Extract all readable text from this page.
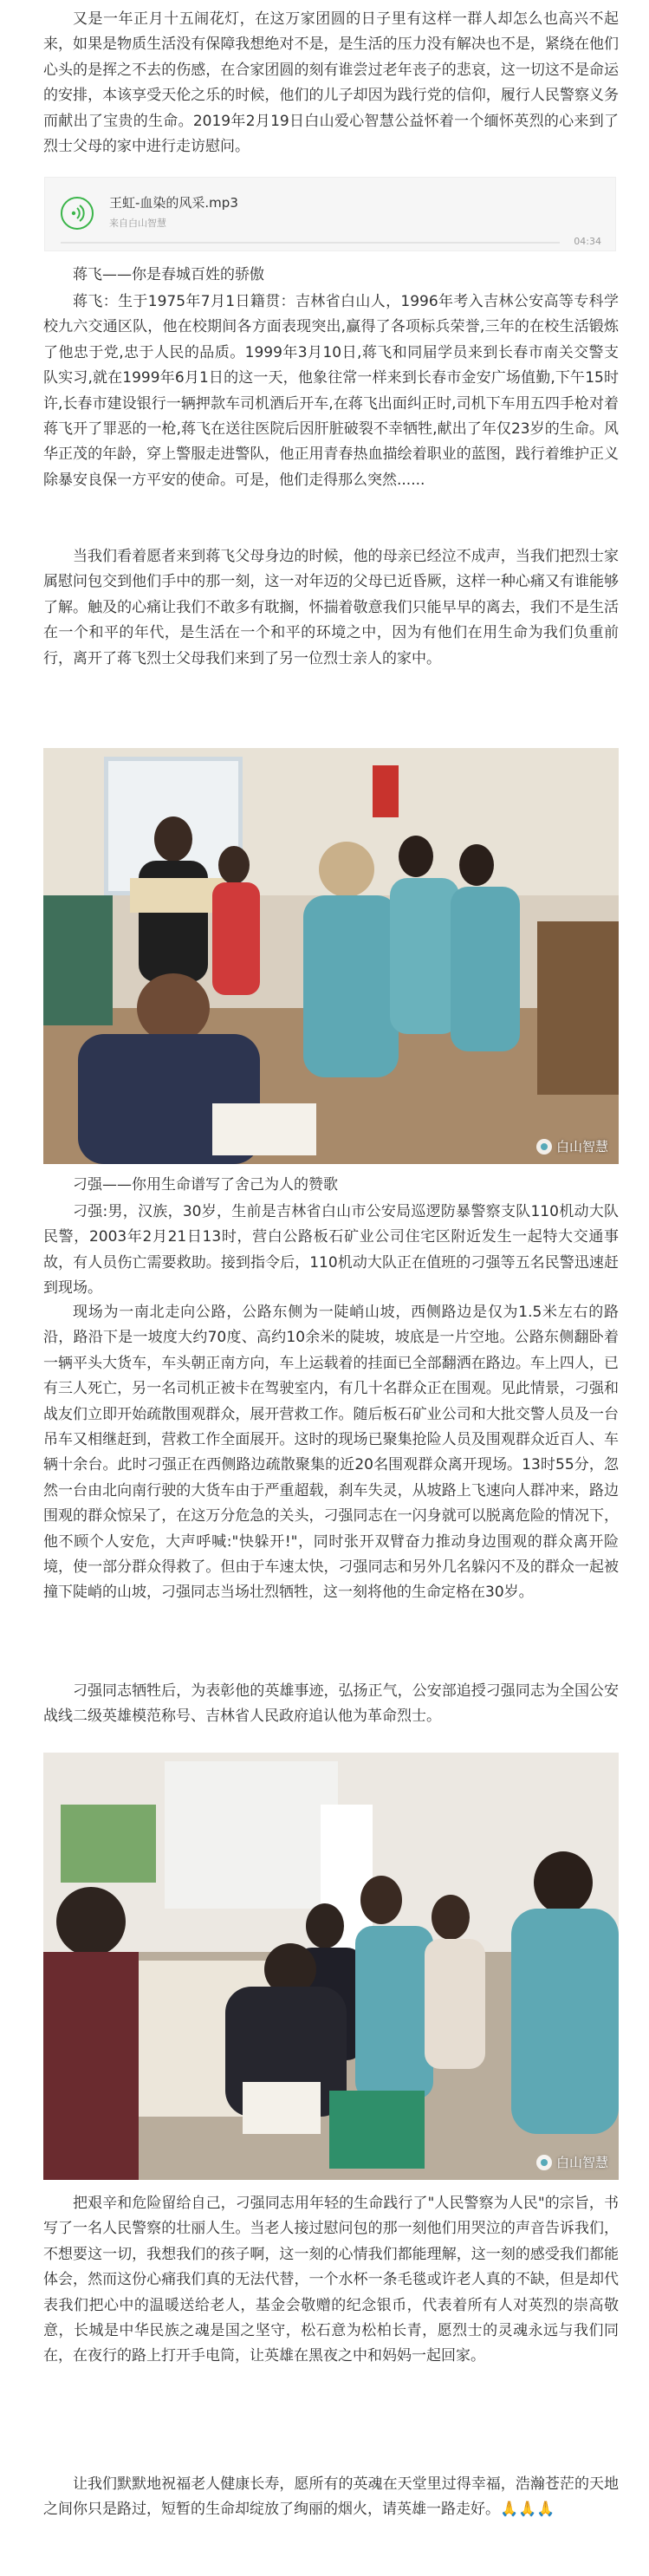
又是一年正月十五闹花灯，在这万家团圆的日子里有这样一群人却怎么也高兴不起来，如果是物质生活没有保障我想绝对不是，是生活的压力没有解决也不是，紧绕在他们心头的是挥之不去的伤感，在合家团圆的刻有谁尝过老年丧子的悲哀，这一切这不是命运的安排，本该享受天伦之乐的时候，他们的儿子却因为践行党的信仰，履行人民警察义务而献出了宝贵的生命。2019年2月19日白山爱心智慧公益怀着一个缅怀英烈的心来到了烈士父母的家中进行走访慰问。

王虹-血染的风采.mp3
来自白山智慧
04:34

蒋飞——你是春城百姓的骄傲

蒋飞：生于1975年7月1日籍贯：吉林省白山人，1996年考入吉林公安高等专科学校九六交通区队，他在校期间各方面表现突出,赢得了各项标兵荣誉,三年的在校生活锻炼了他忠于党,忠于人民的品质。1999年3月10日,蒋飞和同届学员来到长春市南关交警支队实习,就在1999年6月1日的这一天，他象往常一样来到长春市金安广场值勤,下午15时许,长春市建设银行一辆押款车司机酒后开车,在蒋飞出面纠正时,司机下车用五四手枪对着蒋飞开了罪恶的一枪,蒋飞在送往医院后因肝脏破裂不幸牺牲,献出了年仅23岁的生命。风华正茂的年龄，穿上警服走进警队，他正用青春热血描绘着职业的蓝图，践行着维护正义除暴安良保一方平安的使命。可是，他们走得那么突然......

当我们看着愿者来到蒋飞父母身边的时候，他的母亲已经泣不成声，当我们把烈士家属慰问包交到他们手中的那一刻，这一对年迈的父母已近昏厥，这样一种心痛又有谁能够了解。触及的心痛让我们不敢多有耽搁，怀揣着敬意我们只能早早的离去，我们不是生活在一个和平的年代，是生活在一个和平的环境之中，因为有他们在用生命为我们负重前行，离开了蒋飞烈士父母我们来到了另一位烈士亲人的家中。

白山智慧

刁强——你用生命谱写了舍己为人的赞歌

刁强:男，汉族，30岁，生前是吉林省白山市公安局巡逻防暴警察支队110机动大队民警，2003年2月21日13时，营白公路板石矿业公司住宅区附近发生一起特大交通事故，有人员伤亡需要救助。接到指令后，110机动大队正在值班的刁强等五名民警迅速赶到现场。

现场为一南北走向公路，公路东侧为一陡峭山坡，西侧路边是仅为1.5米左右的路沿，路沿下是一坡度大约70度、高约10余米的陡坡，坡底是一片空地。公路东侧翻卧着一辆平头大货车，车头朝正南方向，车上运载着的挂面已全部翻洒在路边。车上四人，已有三人死亡，另一名司机正被卡在驾驶室内，有几十名群众正在围观。见此情景，刁强和战友们立即开始疏散围观群众，展开营救工作。随后板石矿业公司和大批交警人员及一台吊车又相继赶到，营救工作全面展开。这时的现场已聚集抢险人员及围观群众近百人、车辆十余台。此时刁强正在西侧路边疏散聚集的近20名围观群众离开现场。13时55分，忽然一台由北向南行驶的大货车由于严重超载，刹车失灵，从坡路上飞速向人群冲来，路边围观的群众惊呆了，在这万分危急的关头，刁强同志在一闪身就可以脱离危险的情况下，他不顾个人安危，大声呼喊:"快躲开!"，同时张开双臂奋力推动身边围观的群众离开险境，使一部分群众得救了。但由于车速太快，刁强同志和另外几名躲闪不及的群众一起被撞下陡峭的山坡，刁强同志当场壮烈牺牲，这一刻将他的生命定格在30岁。

刁强同志牺牲后，为表彰他的英雄事迹，弘扬正气，公安部追授刁强同志为全国公安战线二级英雄模范称号、吉林省人民政府追认他为革命烈士。

白山智慧

把艰辛和危险留给自己，刁强同志用年轻的生命践行了"人民警察为人民"的宗旨，书写了一名人民警察的壮丽人生。当老人接过慰问包的那一刻他们用哭泣的声音告诉我们，不想要这一切，我想我们的孩子啊，这一刻的心情我们都能理解，这一刻的感受我们都能体会，然而这份心痛我们真的无法代替，一个水杯一条毛毯或许老人真的不缺，但是却代表我们把心中的温暖送给老人，基金会敬赠的纪念银币，代表着所有人对英烈的崇高敬意，长城是中华民族之魂是国之坚守，松石意为松柏长青，愿烈士的灵魂永远与我们同在，在夜行的路上打开手电筒，让英雄在黑夜之中和妈妈一起回家。

让我们默默地祝福老人健康长寿，愿所有的英魂在天堂里过得幸福，浩瀚苍茫的天地之间你只是路过，短暂的生命却绽放了绚丽的烟火，请英雄一路走好。🙏🙏🙏
